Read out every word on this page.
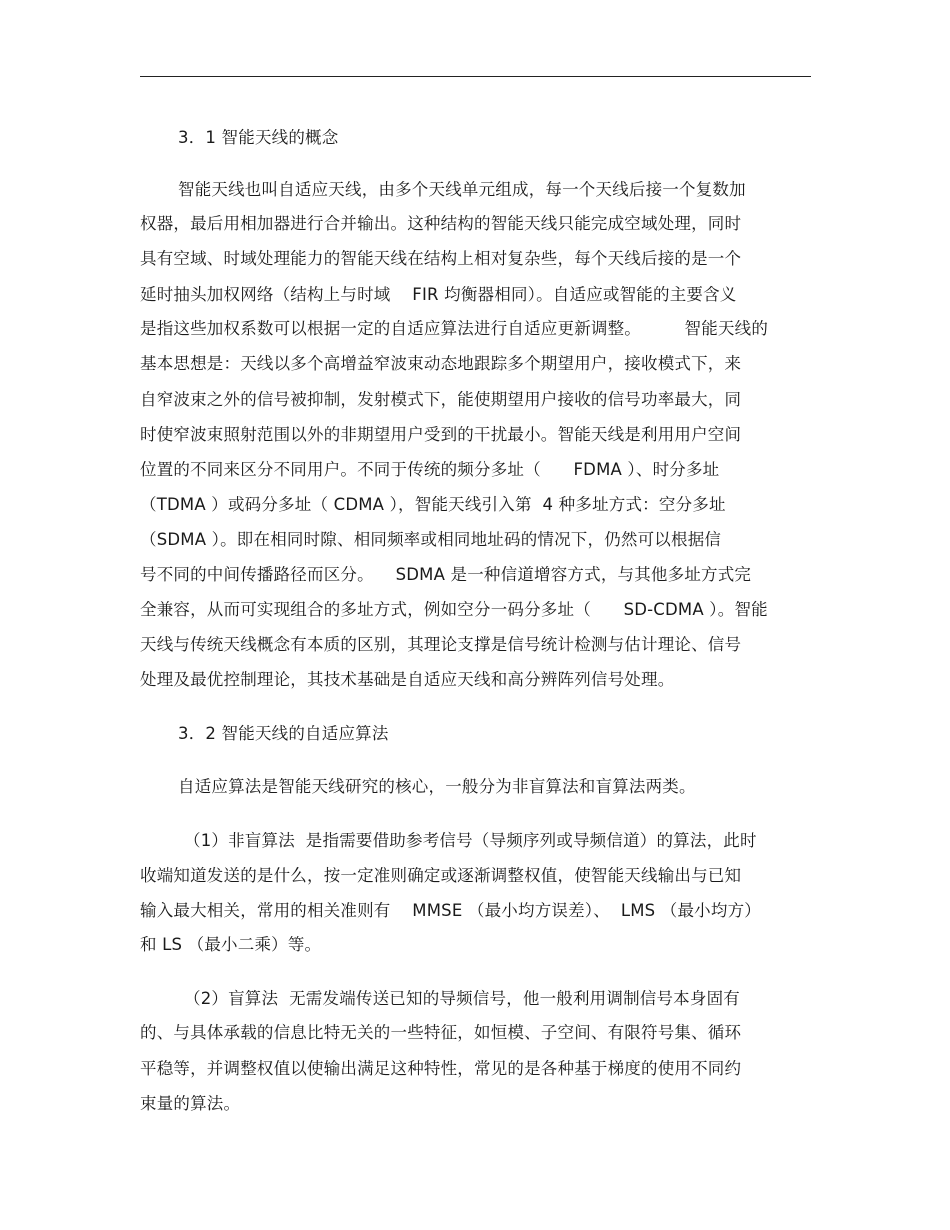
3．1 智能天线的概念
智能天线也叫自适应天线，由多个天线单元组成，每一个天线后接一个复数加
权器，最后用相加器进行合并输出。这种结构的智能天线只能完成空域处理，同时
具有空域、时域处理能力的智能天线在结构上相对复杂些，每个天线后接的是一个
延时抽头加权网络（结构上与时域    FIR 均衡器相同）。自适应或智能的主要含义
是指这些加权系数可以根据一定的自适应算法进行自适应更新调整。        智能天线的
基本思想是：天线以多个高增益窄波束动态地跟踪多个期望用户，接收模式下，来
自窄波束之外的信号被抑制，发射模式下，能使期望用户接收的信号功率最大，同
时使窄波束照射范围以外的非期望用户受到的干扰最小。智能天线是利用用户空间
位置的不同来区分不同用户。不同于传统的频分多址（      FDMA ）、时分多址
（TDMA ）或码分多址（ CDMA ），智能天线引入第  4 种多址方式：空分多址
（SDMA ）。即在相同时隙、相同频率或相同地址码的情况下，仍然可以根据信
号不同的中间传播路径而区分。    SDMA 是一种信道增容方式，与其他多址方式完
全兼容，从而可实现组合的多址方式，例如空分一码分多址（      SD-CDMA ）。智能
天线与传统天线概念有本质的区别，其理论支撑是信号统计检测与估计理论、信号
处理及最优控制理论，其技术基础是自适应天线和高分辨阵列信号处理。
3．2 智能天线的自适应算法
自适应算法是智能天线研究的核心，一般分为非盲算法和盲算法两类。
（1）非盲算法  是指需要借助参考信号（导频序列或导频信道）的算法，此时
收端知道发送的是什么，按一定准则确定或逐渐调整权值，使智能天线输出与已知
输入最大相关，常用的相关准则有    MMSE （最小均方误差）、  LMS （最小均方）
和 LS （最小二乘）等。
（2）盲算法  无需发端传送已知的导频信号，他一般利用调制信号本身固有
的、与具体承载的信息比特无关的一些特征，如恒模、子空间、有限符号集、循环
平稳等，并调整权值以使输出满足这种特性，常见的是各种基于梯度的使用不同约
束量的算法。
